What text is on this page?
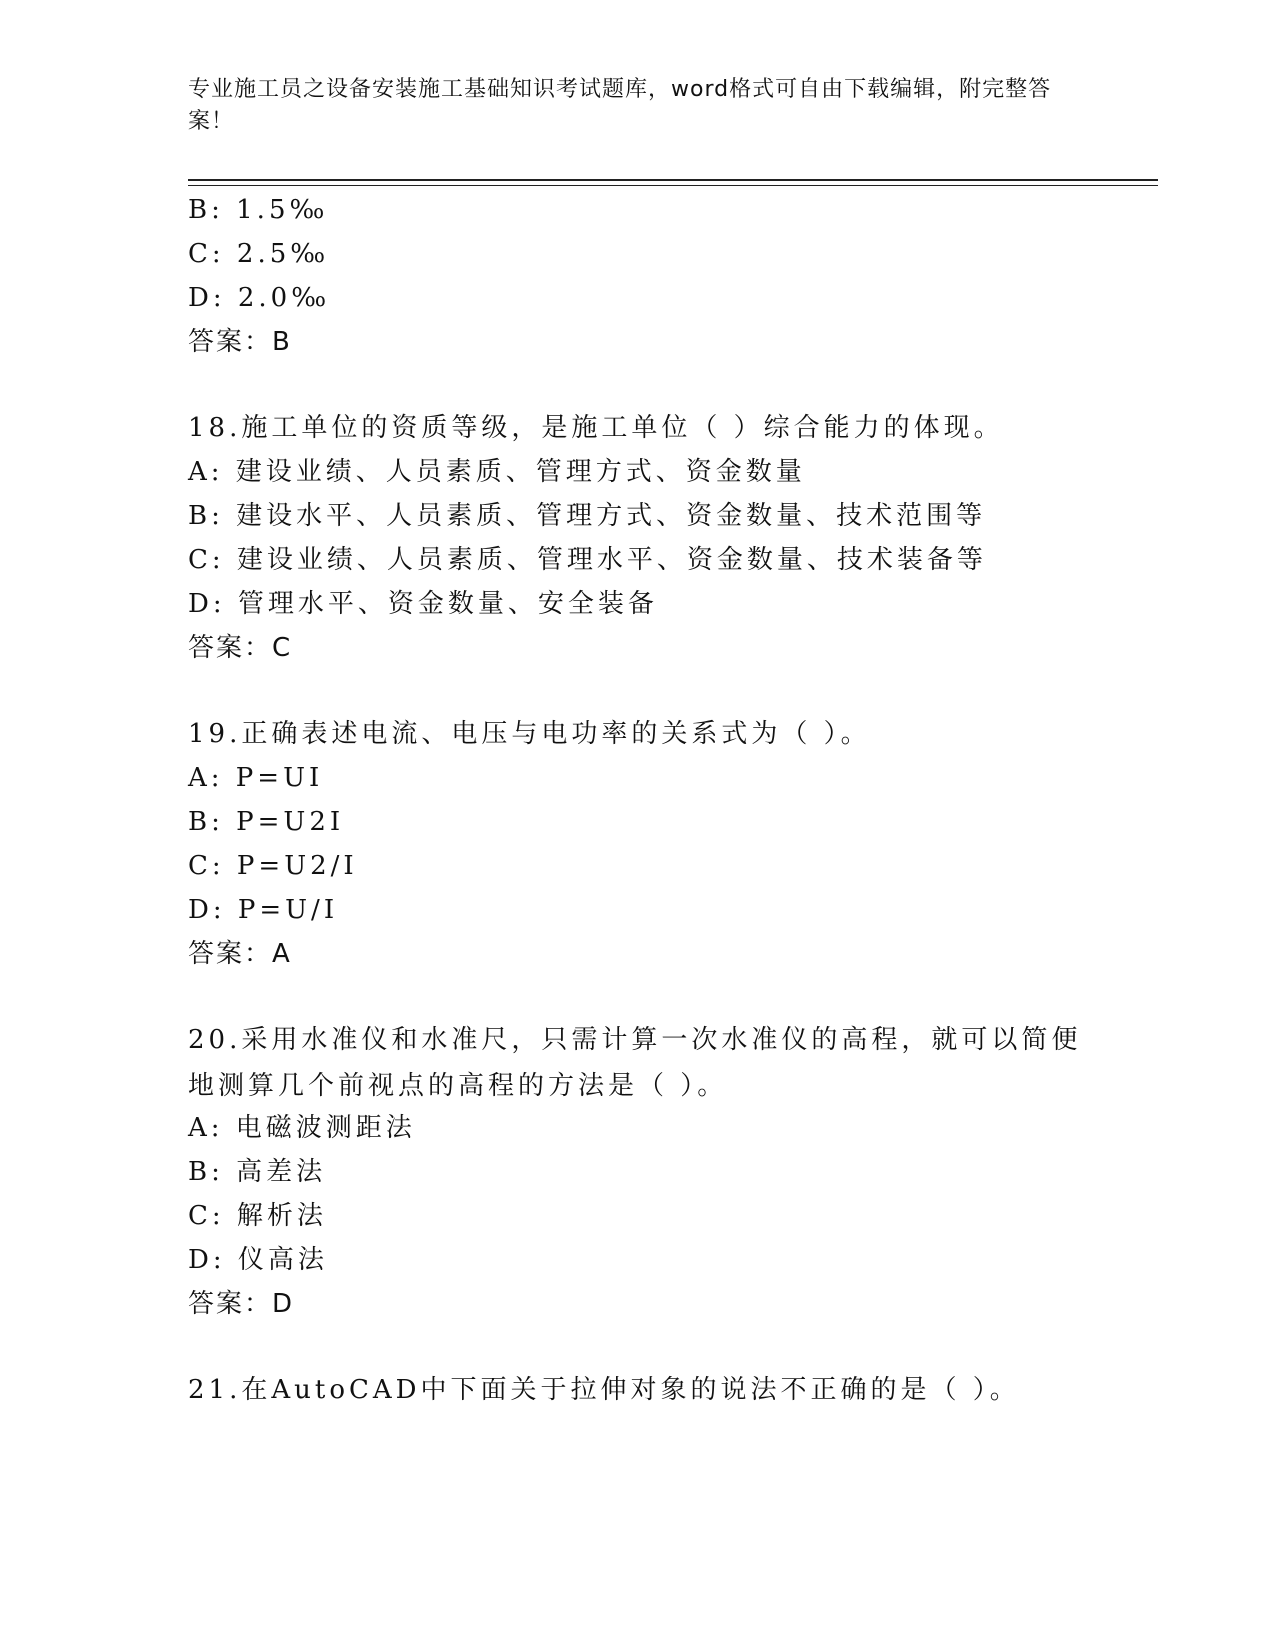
专业施工员之设备安装施工基础知识考试题库，word格式可自由下载编辑，附完整答案！
B: 1.5‰
C: 2.5‰
D: 2.0‰
答案：B
18.施工单位的资质等级，是施工单位（ ）综合能力的体现。
A: 建设业绩、人员素质、管理方式、资金数量
B: 建设水平、人员素质、管理方式、资金数量、技术范围等
C: 建设业绩、人员素质、管理水平、资金数量、技术装备等
D: 管理水平、资金数量、安全装备
答案：C
19.正确表述电流、电压与电功率的关系式为（ ）。
A: P=UI
B: P=U2I
C: P=U2/I
D: P=U/I
答案：A
20.采用水准仪和水准尺，只需计算一次水准仪的高程，就可以简便地测算几个前视点的高程的方法是（ ）。
A: 电磁波测距法
B: 高差法
C: 解析法
D: 仪高法
答案：D
21.在AutoCAD中下面关于拉伸对象的说法不正确的是（ ）。
